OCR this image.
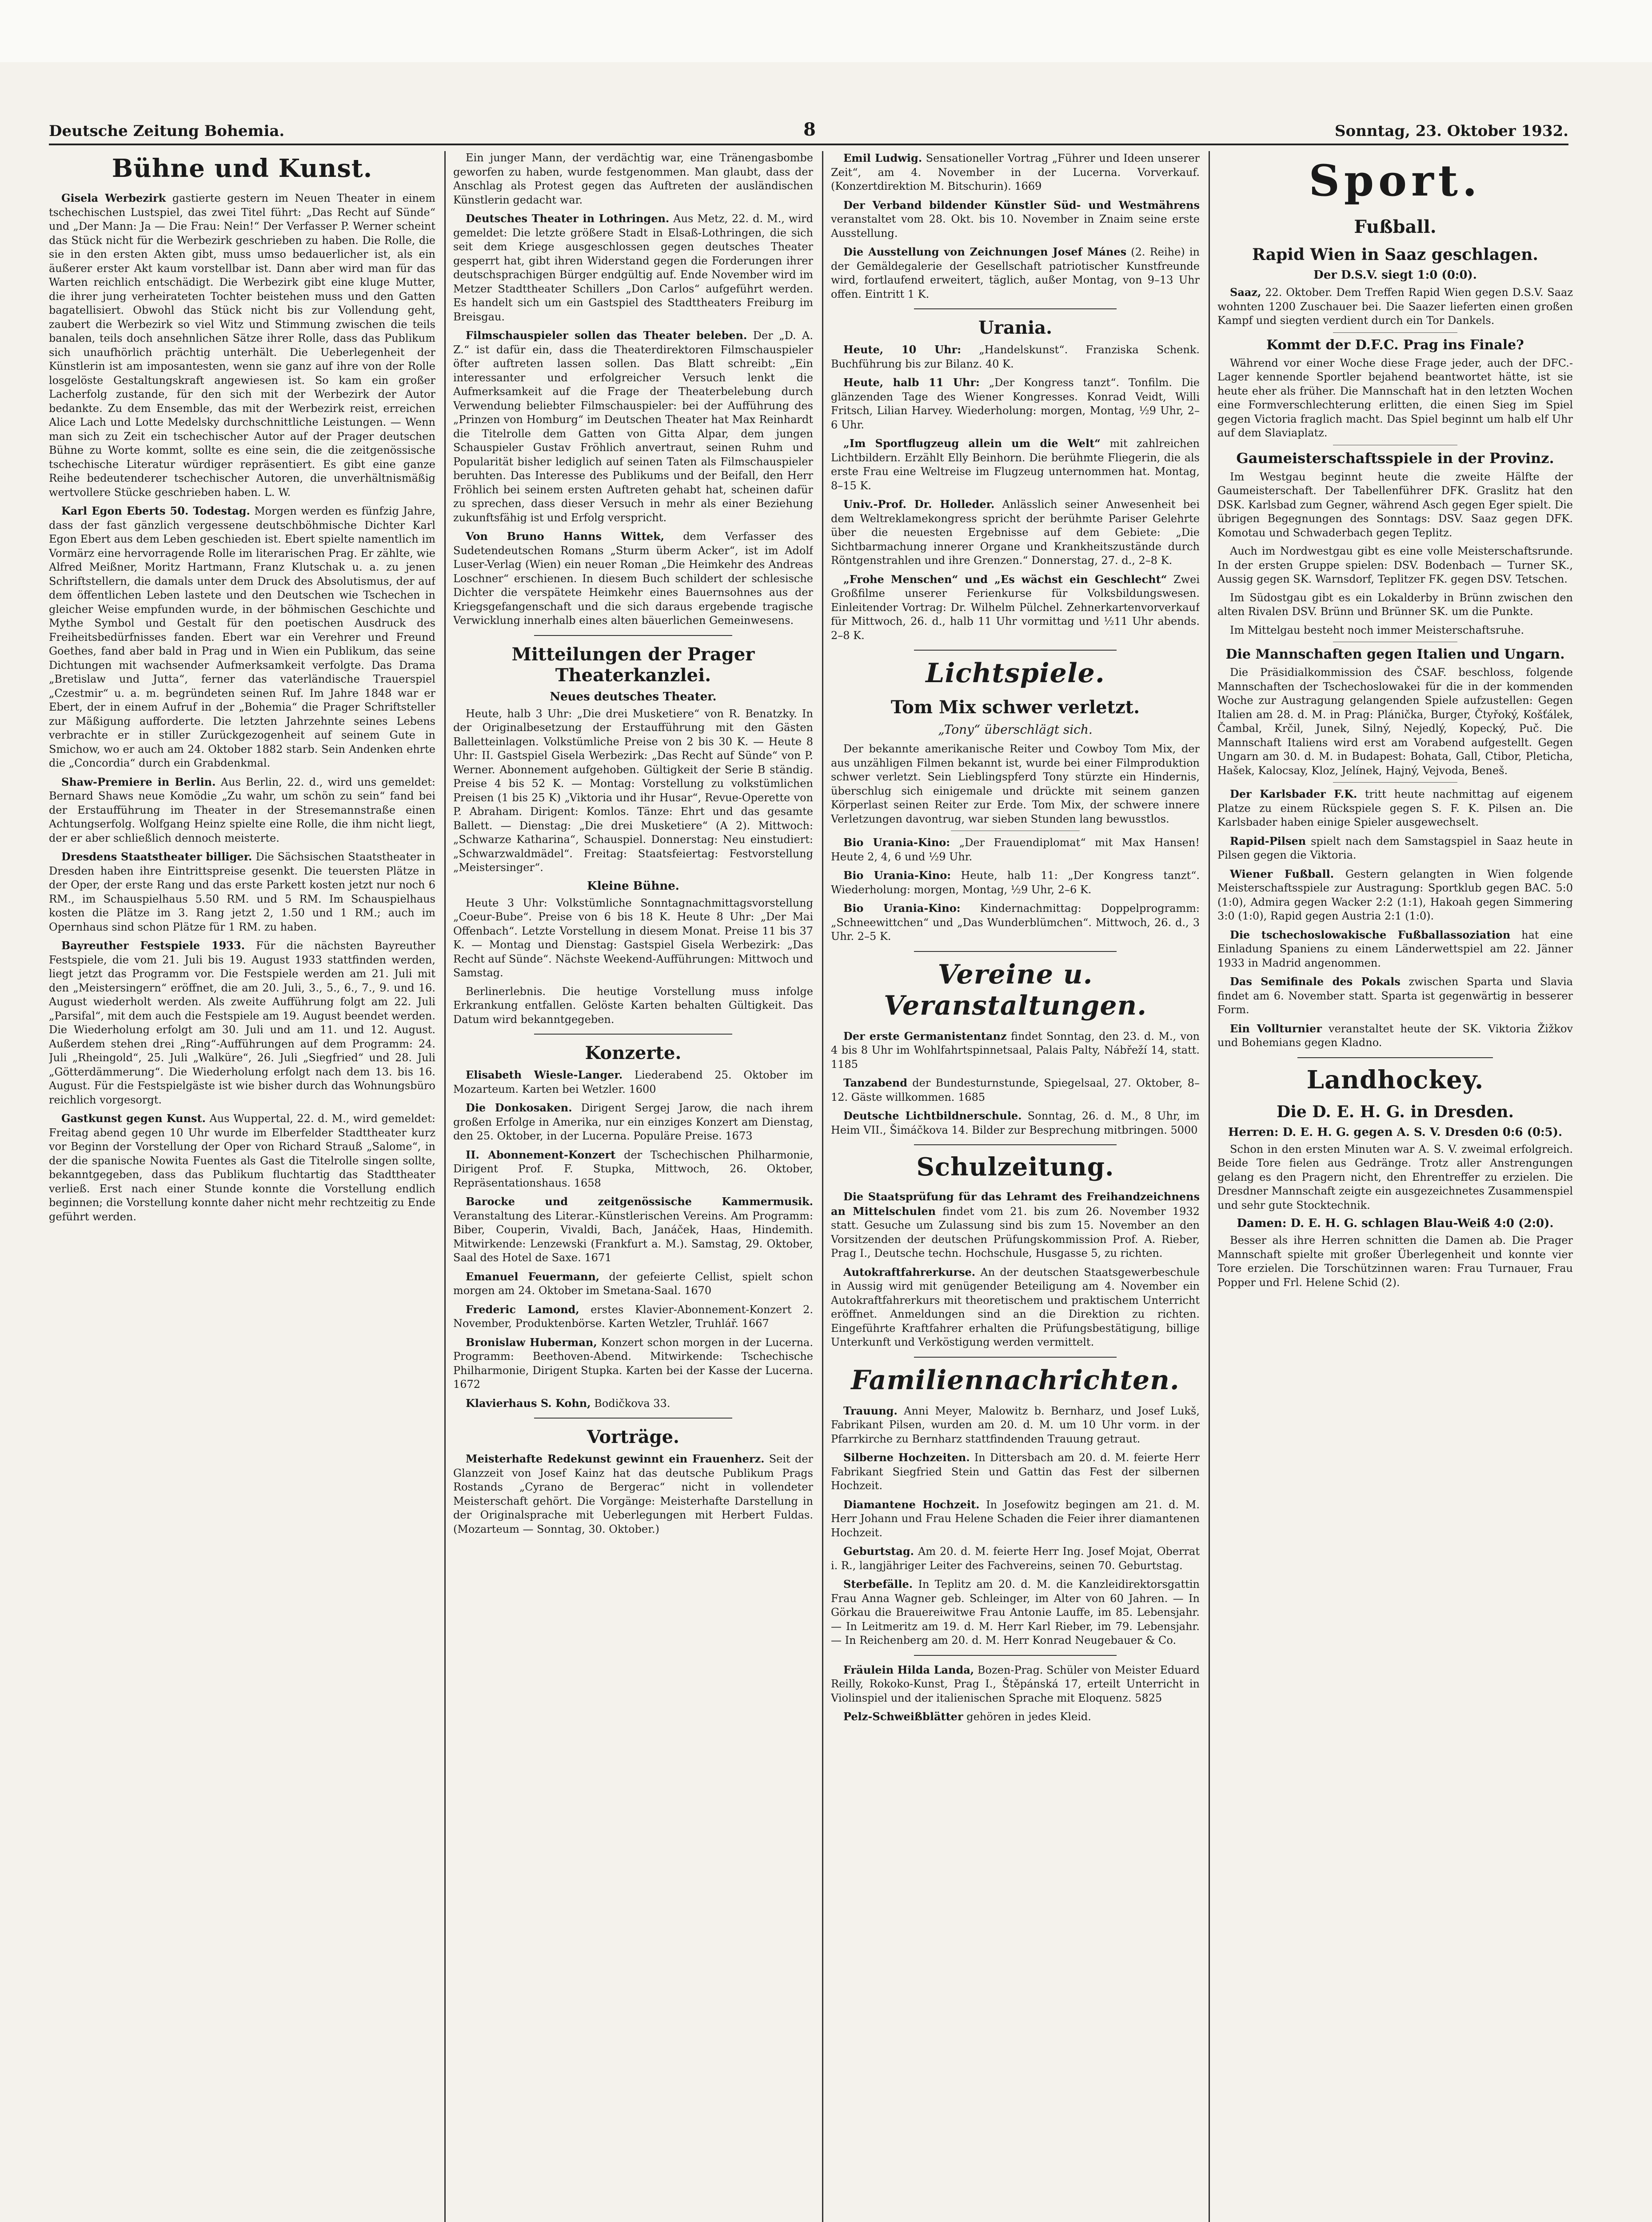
Deutsche Zeitung Bohemia.	8	Sonntag, 23. Oktober 1932.
Bühne und Kunst.

Gisela Werbezirk gastierte gestern im Neuen Theater in einem tschechischen Lustspiel, das zwei Titel führt: „Das Recht auf Sünde“ und „Der Mann: Ja — Die Frau: Nein!“ Der Verfasser P. Werner scheint das Stück nicht für die Werbezirk geschrieben zu haben. Die Rolle, die sie in den ersten Akten gibt, muss umso bedauerlicher ist, als ein äußerer erster Akt kaum vorstellbar ist. Dann aber wird man für das Warten reichlich entschädigt. Die Werbezirk gibt eine kluge Mutter, die ihrer jung verheirateten Tochter beistehen muss und den Gatten bagatellisiert. Obwohl das Stück nicht bis zur Vollendung geht, zaubert die Werbezirk so viel Witz und Stimmung zwischen die teils banalen, teils doch ansehnlichen Sätze ihrer Rolle, dass das Publikum sich unaufhörlich prächtig unterhält. Die Ueberlegenheit der Künstlerin ist am imposantesten, wenn sie ganz auf ihre von der Rolle losgelöste Gestaltungskraft angewiesen ist. So kam ein großer Lacherfolg zustande, für den sich mit der Werbezirk der Autor bedankte. Zu dem Ensemble, das mit der Werbezirk reist, erreichen Alice Lach und Lotte Medelsky durchschnittliche Leistungen. — Wenn man sich zu Zeit ein tschechischer Autor auf der Prager deutschen Bühne zu Worte kommt, sollte es eine sein, die die zeitgenössische tschechische Literatur würdiger repräsentiert. Es gibt eine ganze Reihe bedeutenderer tschechischer Autoren, die unverhältnismäßig wertvollere Stücke geschrieben haben. L. W.

Karl Egon Eberts 50. Todestag. Morgen werden es fünfzig Jahre, dass der fast gänzlich vergessene deutschböhmische Dichter Karl Egon Ebert aus dem Leben geschieden ist. Ebert spielte namentlich im Vormärz eine hervorragende Rolle im literarischen Prag. Er zählte, wie Alfred Meißner, Moritz Hartmann, Franz Klutschak u. a. zu jenen Schriftstellern, die damals unter dem Druck des Absolutismus, der auf dem öffentlichen Leben lastete und den Deutschen wie Tschechen in gleicher Weise empfunden wurde, in der böhmischen Geschichte und Mythe Symbol und Gestalt für den poetischen Ausdruck des Freiheitsbedürfnisses fanden. Ebert war ein Verehrer und Freund Goethes, fand aber bald in Prag und in Wien ein Publikum, das seine Dichtungen mit wachsender Aufmerksamkeit verfolgte. Das Drama „Bretislaw und Jutta“, ferner das vaterländische Trauerspiel „Czestmir“ u. a. m. begründeten seinen Ruf. Im Jahre 1848 war er Ebert, der in einem Aufruf in der „Bohemia“ die Prager Schriftsteller zur Mäßigung aufforderte. Die letzten Jahrzehnte seines Lebens verbrachte er in stiller Zurückgezogenheit auf seinem Gute in Smichow, wo er auch am 24. Oktober 1882 starb. Sein Andenken ehrte die „Concordia“ durch ein Grabdenkmal.

Shaw-Premiere in Berlin. Aus Berlin, 22. d., wird uns gemeldet: Bernard Shaws neue Komödie „Zu wahr, um schön zu sein“ fand bei der Erstaufführung im Theater in der Stresemannstraße einen Achtungserfolg. Wolfgang Heinz spielte eine Rolle, die ihm nicht liegt, der er aber schließlich dennoch meisterte.

Dresdens Staatstheater billiger. Die Sächsischen Staatstheater in Dresden haben ihre Eintrittspreise gesenkt. Die teuersten Plätze in der Oper, der erste Rang und das erste Parkett kosten jetzt nur noch 6 RM., im Schauspielhaus 5.50 RM. und 5 RM. Im Schauspielhaus kosten die Plätze im 3. Rang jetzt 2, 1.50 und 1 RM.; auch im Opernhaus sind schon Plätze für 1 RM. zu haben.

Bayreuther Festspiele 1933. Für die nächsten Bayreuther Festspiele, die vom 21. Juli bis 19. August 1933 stattfinden werden, liegt jetzt das Programm vor. Die Festspiele werden am 21. Juli mit den „Meistersingern“ eröffnet, die am 20. Juli, 3., 5., 6., 7., 9. und 16. August wiederholt werden. Als zweite Aufführung folgt am 22. Juli „Parsifal“, mit dem auch die Festspiele am 19. August beendet werden. Die Wiederholung erfolgt am 30. Juli und am 11. und 12. August. Außerdem stehen drei „Ring“-Aufführungen auf dem Programm: 24. Juli „Rheingold“, 25. Juli „Walküre“, 26. Juli „Siegfried“ und 28. Juli „Götterdämmerung“. Die Wiederholung erfolgt nach dem 13. bis 16. August. Für die Festspielgäste ist wie bisher durch das Wohnungsbüro reichlich vorgesorgt.

Gastkunst gegen Kunst. Aus Wuppertal, 22. d. M., wird gemeldet: Freitag abend gegen 10 Uhr wurde im Elberfelder Stadttheater kurz vor Beginn der Vorstellung der Oper von Richard Strauß „Salome“, in der die spanische Nowita Fuentes als Gast die Titelrolle singen sollte, bekanntgegeben, dass das Publikum fluchtartig das Stadttheater verließ. Erst nach einer Stunde konnte die Vorstellung endlich beginnen; die Vorstellung konnte daher nicht mehr rechtzeitig zu Ende geführt werden.

Ein junger Mann, der verdächtig war, eine Tränengasbombe geworfen zu haben, wurde festgenommen. Man glaubt, dass der Anschlag als Protest gegen das Auftreten der ausländischen Künstlerin gedacht war.

Deutsches Theater in Lothringen. Aus Metz, 22. d. M., wird gemeldet: Die letzte größere Stadt in Elsaß-Lothringen, die sich seit dem Kriege ausgeschlossen gegen deutsches Theater gesperrt hat, gibt ihren Widerstand gegen die Forderungen ihrer deutschsprachigen Bürger endgültig auf. Ende November wird im Metzer Stadttheater Schillers „Don Carlos“ aufgeführt werden. Es handelt sich um ein Gastspiel des Stadttheaters Freiburg im Breisgau.

Filmschauspieler sollen das Theater beleben. Der „D. A. Z.“ ist dafür ein, dass die Theaterdirektoren Filmschauspieler öfter auftreten lassen sollen. Das Blatt schreibt: „Ein interessanter und erfolgreicher Versuch lenkt die Aufmerksamkeit auf die Frage der Theaterbelebung durch Verwendung beliebter Filmschauspieler: bei der Aufführung des „Prinzen von Homburg“ im Deutschen Theater hat Max Reinhardt die Titelrolle dem Gatten von Gitta Alpar, dem jungen Schauspieler Gustav Fröhlich anvertraut, seinen Ruhm und Popularität bisher lediglich auf seinen Taten als Filmschauspieler beruhten. Das Interesse des Publikums und der Beifall, den Herr Fröhlich bei seinem ersten Auftreten gehabt hat, scheinen dafür zu sprechen, dass dieser Versuch in mehr als einer Beziehung zukunftsfähig ist und Erfolg verspricht.

Von Bruno Hanns Wittek, dem Verfasser des Sudetendeutschen Romans „Sturm überm Acker“, ist im Adolf Luser-Verlag (Wien) ein neuer Roman „Die Heimkehr des Andreas Loschner“ erschienen. In diesem Buch schildert der schlesische Dichter die verspätete Heimkehr eines Bauernsohnes aus der Kriegsgefangenschaft und die sich daraus ergebende tragische Verwicklung innerhalb eines alten bäuerlichen Gemeinwesens.

Mitteilungen der Prager Theaterkanzlei.
Neues deutsches Theater.

Heute, halb 3 Uhr: „Die drei Musketiere“ von R. Benatzky. In der Originalbesetzung der Erstaufführung mit den Gästen Balletteinlagen. Volkstümliche Preise von 2 bis 30 K. — Heute 8 Uhr: II. Gastspiel Gisela Werbezirk: „Das Recht auf Sünde“ von P. Werner. Abonnement aufgehoben. Gültigkeit der Serie B ständig. Preise 4 bis 52 K. — Montag: Vorstellung zu volkstümlichen Preisen (1 bis 25 K) „Viktoria und ihr Husar“, Revue-Operette von P. Abraham. Dirigent: Komlos. Tänze: Ehrt und das gesamte Ballett. — Dienstag: „Die drei Musketiere“ (A 2). Mittwoch: „Schwarze Katharina“, Schauspiel. Donnerstag: Neu einstudiert: „Schwarzwaldmädel“. Freitag: Staatsfeiertag: Festvorstellung „Meistersinger“.

Kleine Bühne.

Heute 3 Uhr: Volkstümliche Sonntagnachmittagsvorstellung „Coeur-Bube“. Preise von 6 bis 18 K. Heute 8 Uhr: „Der Mai Offenbach“. Letzte Vorstellung in diesem Monat. Preise 11 bis 37 K. — Montag und Dienstag: Gastspiel Gisela Werbezirk: „Das Recht auf Sünde“. Nächste Weekend-Aufführungen: Mittwoch und Samstag.

Berlinerlebnis. Die heutige Vorstellung muss infolge Erkrankung entfallen. Gelöste Karten behalten Gültigkeit. Das Datum wird bekanntgegeben.

Konzerte.

Elisabeth Wiesle-Langer. Liederabend 25. Oktober im Mozarteum. Karten bei Wetzler. 1600

Die Donkosaken. Dirigent Sergej Jarow, die nach ihrem großen Erfolge in Amerika, nur ein einziges Konzert am Dienstag, den 25. Oktober, in der Lucerna. Populäre Preise. 1673

II. Abonnement-Konzert der Tschechischen Philharmonie, Dirigent Prof. F. Stupka, Mittwoch, 26. Oktober, Repräsentationshaus. 1658

Barocke und zeitgenössische Kammermusik. Veranstaltung des Literar.-Künstlerischen Vereins. Am Programm: Biber, Couperin, Vivaldi, Bach, Janáček, Haas, Hindemith. Mitwirkende: Lenzewski (Frankfurt a. M.). Samstag, 29. Oktober, Saal des Hotel de Saxe. 1671

Emanuel Feuermann, der gefeierte Cellist, spielt schon morgen am 24. Oktober im Smetana-Saal. 1670

Frederic Lamond, erstes Klavier-Abonnement-Konzert 2. November, Produktenbörse. Karten Wetzler, Truhlář. 1667

Bronislaw Huberman, Konzert schon morgen in der Lucerna. Programm: Beethoven-Abend. Mitwirkende: Tschechische Philharmonie, Dirigent Stupka. Karten bei der Kasse der Lucerna. 1672

Klavierhaus S. Kohn, Bodičkova 33.

Vorträge.

Meisterhafte Redekunst gewinnt ein Frauenherz. Seit der Glanzzeit von Josef Kainz hat das deutsche Publikum Prags Rostands „Cyrano de Bergerac“ nicht in vollendeter Meisterschaft gehört. Die Vorgänge: Meisterhafte Darstellung in der Originalsprache mit Ueberlegungen mit Herbert Fuldas. (Mozarteum — Sonntag, 30. Oktober.)

Emil Ludwig. Sensationeller Vortrag „Führer und Ideen unserer Zeit“, am 4. November in der Lucerna. Vorverkauf. (Konzertdirektion M. Bitschurin). 1669

Der Verband bildender Künstler Süd- und Westmährens veranstaltet vom 28. Okt. bis 10. November in Znaim seine erste Ausstellung.

Die Ausstellung von Zeichnungen Josef Mánes (2. Reihe) in der Gemäldegalerie der Gesellschaft patriotischer Kunstfreunde wird, fortlaufend erweitert, täglich, außer Montag, von 9–13 Uhr offen. Eintritt 1 K.

Urania.

Heute, 10 Uhr: „Handelskunst“. Franziska Schenk. Buchführung bis zur Bilanz. 40 K.

Heute, halb 11 Uhr: „Der Kongress tanzt“. Tonfilm. Die glänzenden Tage des Wiener Kongresses. Konrad Veidt, Willi Fritsch, Lilian Harvey. Wiederholung: morgen, Montag, ½9 Uhr, 2–6 Uhr.

„Im Sportflugzeug allein um die Welt“ mit zahlreichen Lichtbildern. Erzählt Elly Beinhorn. Die berühmte Fliegerin, die als erste Frau eine Weltreise im Flugzeug unternommen hat. Montag, 8–15 K.

Univ.-Prof. Dr. Holleder. Anlässlich seiner Anwesenheit bei dem Weltreklamekongress spricht der berühmte Pariser Gelehrte über die neuesten Ergebnisse auf dem Gebiete: „Die Sichtbarmachung innerer Organe und Krankheitszustände durch Röntgenstrahlen und ihre Grenzen.“ Donnerstag, 27. d., 2–8 K.

„Frohe Menschen“ und „Es wächst ein Geschlecht“ Zwei Großfilme unserer Ferienkurse für Volksbildungswesen. Einleitender Vortrag: Dr. Wilhelm Pülchel. Zehnerkartenvorverkauf für Mittwoch, 26. d., halb 11 Uhr vormittag und ½11 Uhr abends. 2–8 K.

Lichtspiele.
Tom Mix schwer verletzt.
„Tony“ überschlägt sich.

Der bekannte amerikanische Reiter und Cowboy Tom Mix, der aus unzähligen Filmen bekannt ist, wurde bei einer Filmproduktion schwer verletzt. Sein Lieblingspferd Tony stürzte ein Hindernis, überschlug sich einigemale und drückte mit seinem ganzen Körperlast seinen Reiter zur Erde. Tom Mix, der schwere innere Verletzungen davontrug, war sieben Stunden lang bewusstlos.

Bio Urania-Kino: „Der Frauendiplomat“ mit Max Hansen! Heute 2, 4, 6 und ½9 Uhr.

Bio Urania-Kino: Heute, halb 11: „Der Kongress tanzt“. Wiederholung: morgen, Montag, ½9 Uhr, 2–6 K.

Bio Urania-Kino: Kindernachmittag: Doppelprogramm: „Schneewittchen“ und „Das Wunderblümchen“. Mittwoch, 26. d., 3 Uhr. 2–5 K.

Vereine u. Veranstaltungen.

Der erste Germanistentanz findet Sonntag, den 23. d. M., von 4 bis 8 Uhr im Wohlfahrtspinnetsaal, Palais Palty, Nábřeží 14, statt. 1185

Tanzabend der Bundesturnstunde, Spiegelsaal, 27. Oktober, 8–12. Gäste willkommen. 1685

Deutsche Lichtbildnerschule. Sonntag, 26. d. M., 8 Uhr, im Heim VII., Šimáčkova 14. Bilder zur Besprechung mitbringen. 5000

Schulzeitung.

Die Staatsprüfung für das Lehramt des Freihandzeichnens an Mittelschulen findet vom 21. bis zum 26. November 1932 statt. Gesuche um Zulassung sind bis zum 15. November an den Vorsitzenden der deutschen Prüfungskommission Prof. A. Rieber, Prag I., Deutsche techn. Hochschule, Husgasse 5, zu richten.

Autokraftfahrerkurse. An der deutschen Staatsgewerbeschule in Aussig wird mit genügender Beteiligung am 4. November ein Autokraftfahrerkurs mit theoretischem und praktischem Unterricht eröffnet. Anmeldungen sind an die Direktion zu richten. Eingeführte Kraftfahrer erhalten die Prüfungsbestätigung, billige Unterkunft und Verköstigung werden vermittelt.

Familiennachrichten.

Trauung. Anni Meyer, Malowitz b. Bernharz, und Josef Lukš, Fabrikant Pilsen, wurden am 20. d. M. um 10 Uhr vorm. in der Pfarrkirche zu Bernharz stattfindenden Trauung getraut.

Silberne Hochzeiten. In Dittersbach am 20. d. M. feierte Herr Fabrikant Siegfried Stein und Gattin das Fest der silbernen Hochzeit.

Diamantene Hochzeit. In Josefowitz begingen am 21. d. M. Herr Johann und Frau Helene Schaden die Feier ihrer diamantenen Hochzeit.

Geburtstag. Am 20. d. M. feierte Herr Ing. Josef Mojat, Oberrat i. R., langjähriger Leiter des Fachvereins, seinen 70. Geburtstag.

Sterbefälle. In Teplitz am 20. d. M. die Kanzleidirektorsgattin Frau Anna Wagner geb. Schleinger, im Alter von 60 Jahren. — In Görkau die Brauereiwitwe Frau Antonie Lauffe, im 85. Lebensjahr. — In Leitmeritz am 19. d. M. Herr Karl Rieber, im 79. Lebensjahr. — In Reichenberg am 20. d. M. Herr Konrad Neugebauer & Co.

Fräulein Hilda Landa, Bozen-Prag. Schüler von Meister Eduard Reilly, Rokoko-Kunst, Prag I., Štěpánská 17, erteilt Unterricht in Violinspiel und der italienischen Sprache mit Eloquenz. 5825

Pelz-Schweißblätter gehören in jedes Kleid.

Sport.
Fußball.
Rapid Wien in Saaz geschlagen.
Der D.S.V. siegt 1:0 (0:0).

Saaz, 22. Oktober. Dem Treffen Rapid Wien gegen D.S.V. Saaz wohnten 1200 Zuschauer bei. Die Saazer lieferten einen großen Kampf und siegten verdient durch ein Tor Dankels.

Kommt der D.F.C. Prag ins Finale?

Während vor einer Woche diese Frage jeder, auch der DFC.-Lager kennende Sportler bejahend beantwortet hätte, ist sie heute eher als früher. Die Mannschaft hat in den letzten Wochen eine Formverschlechterung erlitten, die einen Sieg im Spiel gegen Victoria fraglich macht. Das Spiel beginnt um halb elf Uhr auf dem Slaviaplatz.

Gaumeisterschaftsspiele in der Provinz.

Im Westgau beginnt heute die zweite Hälfte der Gaumeisterschaft. Der Tabellenführer DFK. Graslitz hat den DSK. Karlsbad zum Gegner, während Asch gegen Eger spielt. Die übrigen Begegnungen des Sonntags: DSV. Saaz gegen DFK. Komotau und Schwaderbach gegen Teplitz.

Auch im Nordwestgau gibt es eine volle Meisterschaftsrunde. In der ersten Gruppe spielen: DSV. Bodenbach — Turner SK., Aussig gegen SK. Warnsdorf, Teplitzer FK. gegen DSV. Tetschen.

Im Südostgau gibt es ein Lokalderby in Brünn zwischen den alten Rivalen DSV. Brünn und Brünner SK. um die Punkte.

Im Mittelgau besteht noch immer Meisterschaftsruhe.

Die Mannschaften gegen Italien und Ungarn.

Die Präsidialkommission des ČSAF. beschloss, folgende Mannschaften der Tschechoslowakei für die in der kommenden Woche zur Austragung gelangenden Spiele aufzustellen: Gegen Italien am 28. d. M. in Prag: Plánička, Burger, Čtyřoký, Košťálek, Čambal, Krčil, Junek, Silný, Nejedlý, Kopecký, Puč. Die Mannschaft Italiens wird erst am Vorabend aufgestellt. Gegen Ungarn am 30. d. M. in Budapest: Bohata, Gall, Ctibor, Pleticha, Hašek, Kalocsay, Kloz, Jelínek, Hajný, Vejvoda, Beneš.

Der Karlsbader F.K. tritt heute nachmittag auf eigenem Platze zu einem Rückspiele gegen S. F. K. Pilsen an. Die Karlsbader haben einige Spieler ausgewechselt.

Rapid-Pilsen spielt nach dem Samstagspiel in Saaz heute in Pilsen gegen die Viktoria.

Wiener Fußball. Gestern gelangten in Wien folgende Meisterschaftsspiele zur Austragung: Sportklub gegen BAC. 5:0 (1:0), Admira gegen Wacker 2:2 (1:1), Hakoah gegen Simmering 3:0 (1:0), Rapid gegen Austria 2:1 (1:0).

Die tschechoslowakische Fußballassoziation hat eine Einladung Spaniens zu einem Länderwettspiel am 22. Jänner 1933 in Madrid angenommen.

Das Semifinale des Pokals zwischen Sparta und Slavia findet am 6. November statt. Sparta ist gegenwärtig in besserer Form.

Ein Vollturnier veranstaltet heute der SK. Viktoria Žižkov und Bohemians gegen Kladno.

Landhockey.
Die D. E. H. G. in Dresden.
Herren: D. E. H. G. gegen A. S. V. Dresden 0:6 (0:5).

Schon in den ersten Minuten war A. S. V. zweimal erfolgreich. Beide Tore fielen aus Gedränge. Trotz aller Anstrengungen gelang es den Pragern nicht, den Ehrentreffer zu erzielen. Die Dresdner Mannschaft zeigte ein ausgezeichnetes Zusammenspiel und sehr gute Stocktechnik.

Damen: D. E. H. G. schlagen Blau-Weiß 4:0 (2:0).

Besser als ihre Herren schnitten die Damen ab. Die Prager Mannschaft spielte mit großer Überlegenheit und konnte vier Tore erzielen. Die Torschützinnen waren: Frau Turnauer, Frau Popper und Frl. Helene Schid (2).
